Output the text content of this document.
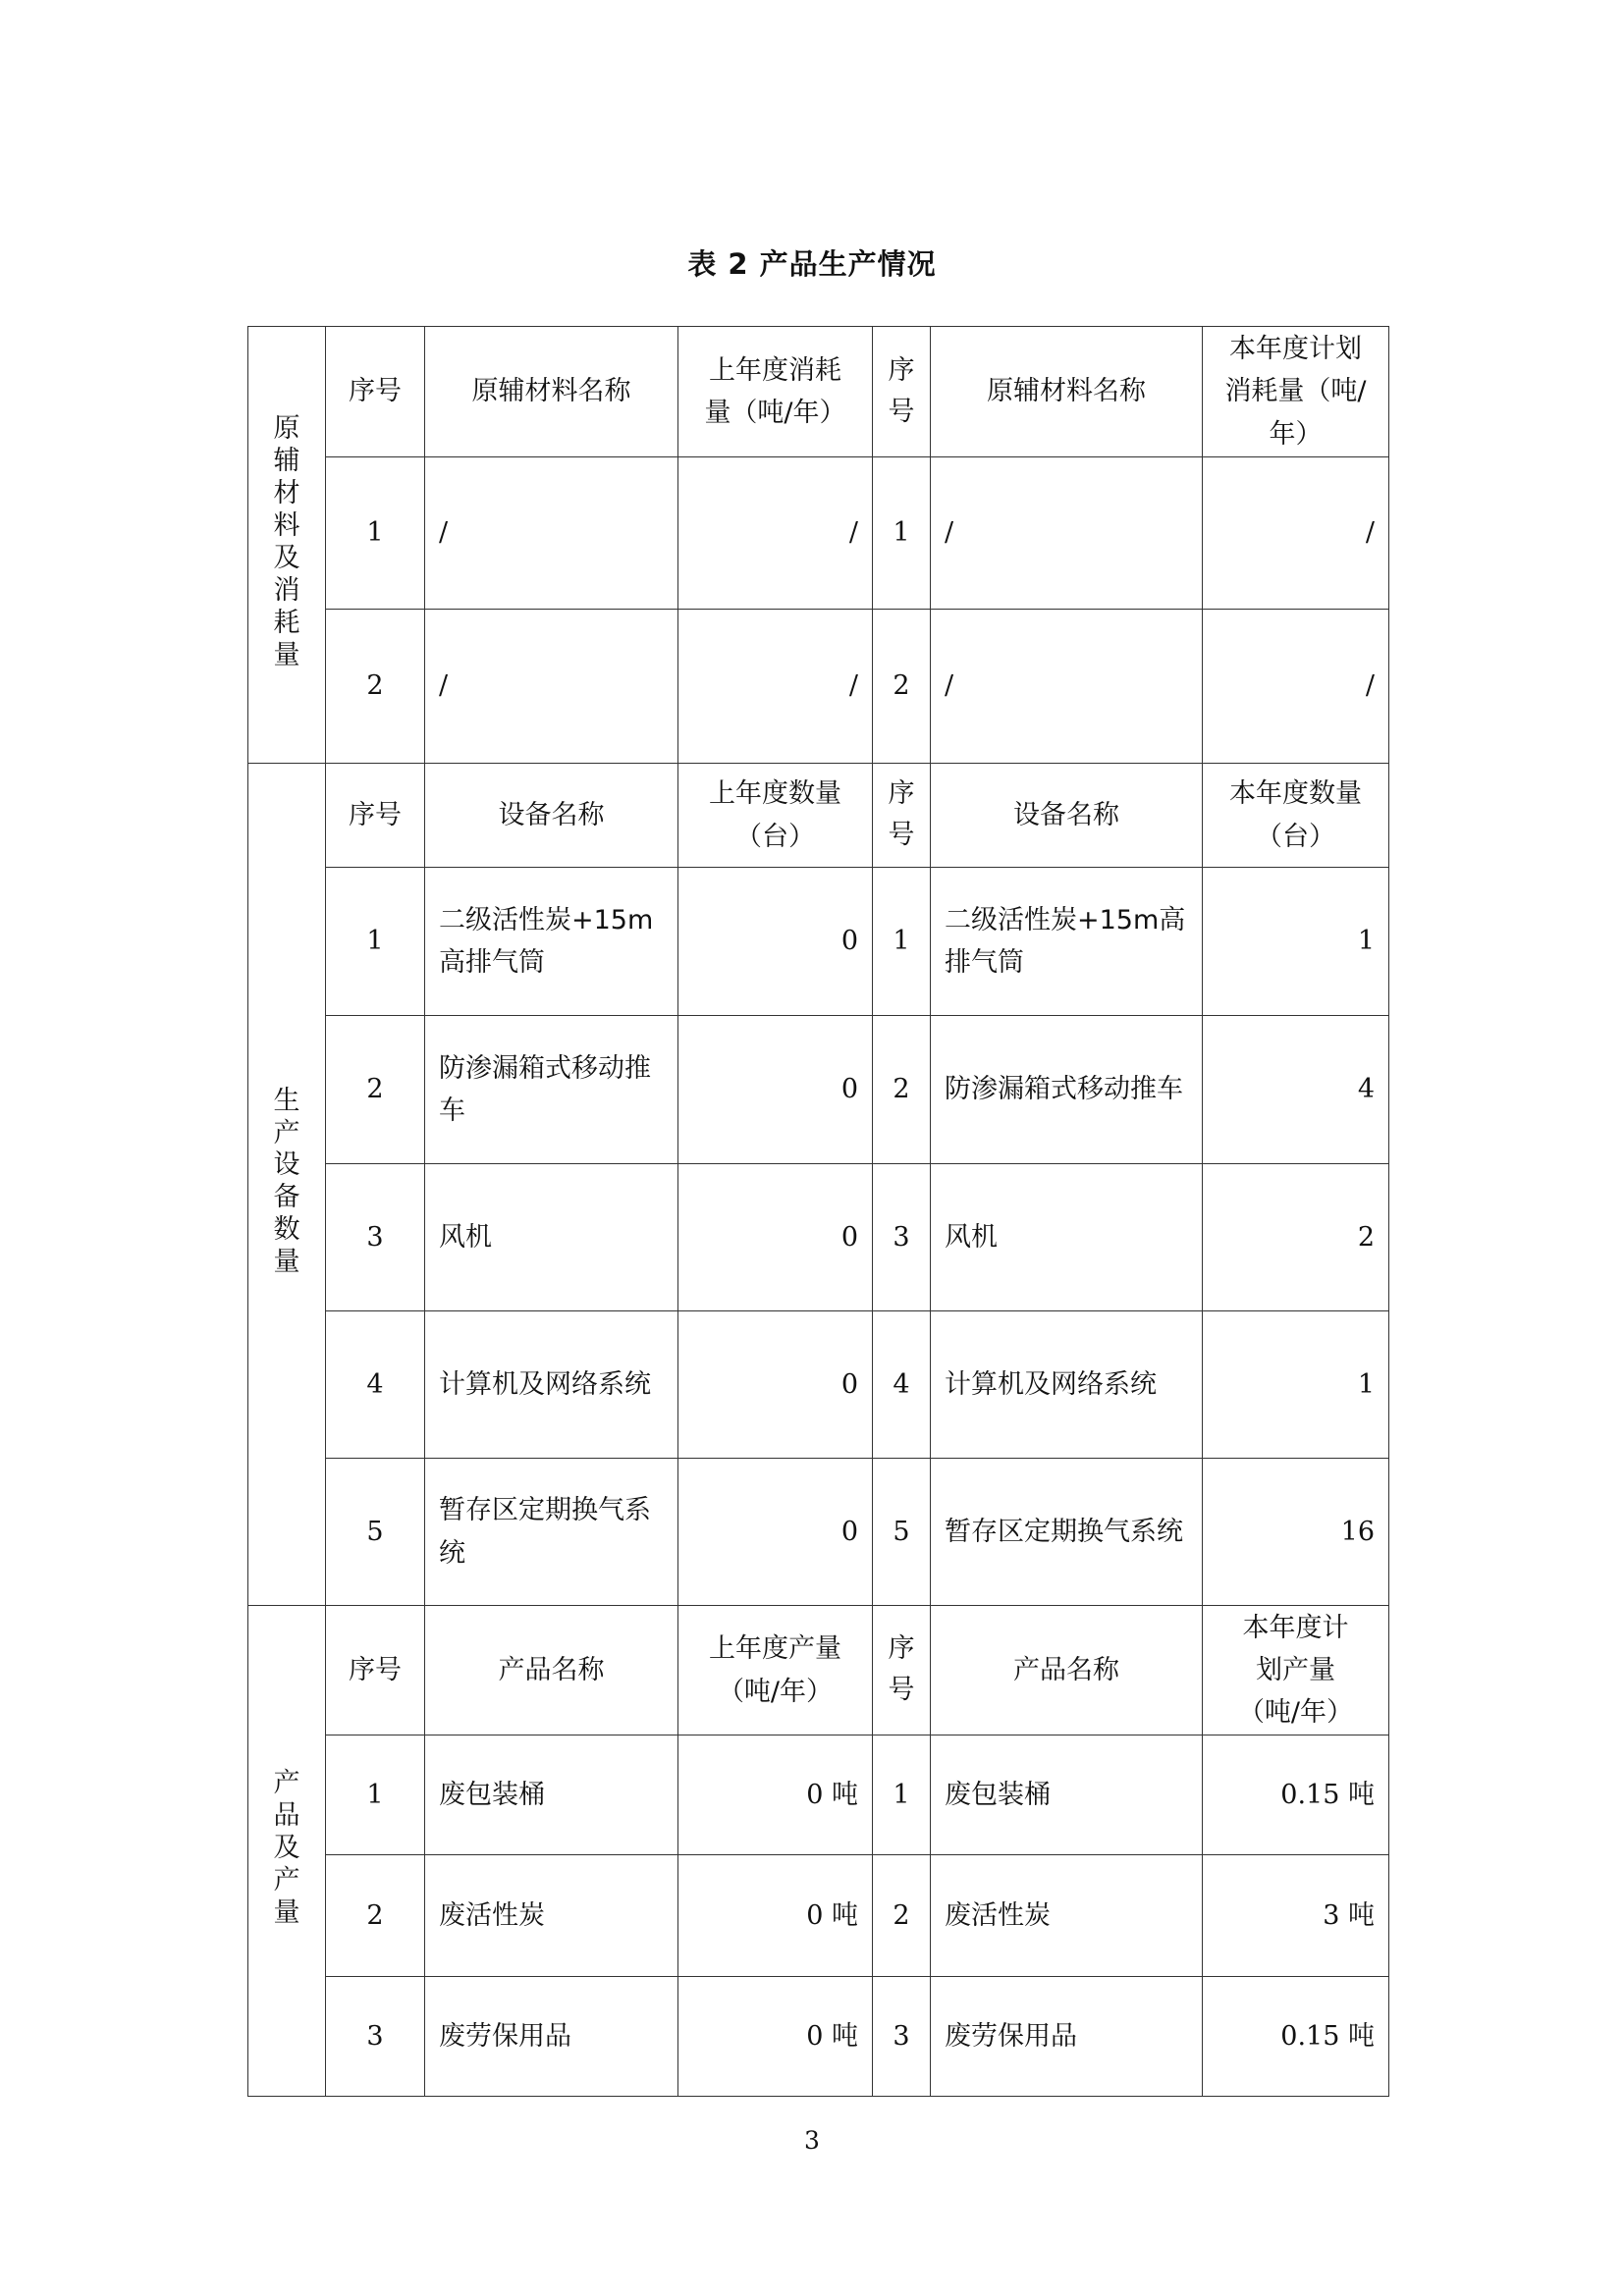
表 2 产品生产情况
原辅材料及消耗量	序号	原辅材料名称	上年度消耗量（吨/年）	序号	原辅材料名称	本年度计划消耗量（吨/年）
	1	/	/	1	/	/
	2	/	/	2	/	/
生产设备数量	序号	设备名称	上年度数量（台）	序号	设备名称	本年度数量（台）
	1	二级活性炭+15m高排气筒	0	1	二级活性炭+15m高排气筒	1
	2	防渗漏箱式移动推车	0	2	防渗漏箱式移动推车	4
	3	风机	0	3	风机	2
	4	计算机及网络系统	0	4	计算机及网络系统	1
	5	暂存区定期换气系统	0	5	暂存区定期换气系统	16
产品及产量	序号	产品名称	上年度产量（吨/年）	序号	产品名称	本年度计划产量（吨/年）
	1	废包装桶	0 吨	1	废包装桶	0.15 吨
	2	废活性炭	0 吨	2	废活性炭	3 吨
	3	废劳保用品	0 吨	3	废劳保用品	0.15 吨
3
